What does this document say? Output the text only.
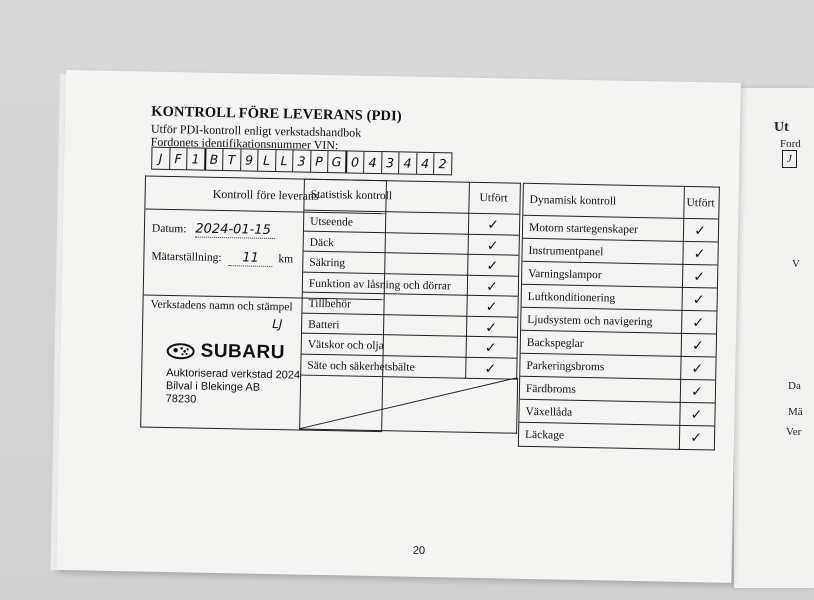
Ut
Ford
J
V
Da
Mä
Ver
KONTROLL FÖRE LEVERANS (PDI)
Utför PDI-kontroll enligt verkstadshandbok
Fordonets identifikationsnummer VIN:
J F 1 B T 9 L L 3 P G 0 4 3 4 4 2
Kontroll före leverans
Datum: 2024-01-15
Mätarställning: 11 km
Verkstadens namn och stämpel
LJ
SUBARU
Auktoriserad verkstad 2024
Bilval i Blekinge AB
78230
Statistisk kontroll
Utseende
Däck
Säkring
Funktion av låsning och dörrar
Tillbehör
Batteri
Vätskor och olja
Säte och säkerhetsbälte
Utfört
✓
✓
✓
✓
✓
✓
✓
✓
Dynamisk kontroll
Motorn startegenskaper
Instrumentpanel
Varningslampor
Luftkonditionering
Ljudsystem och navigering
Backspeglar
Parkeringsbroms
Färdbroms
Växellåda
Läckage
Utfört
✓
✓
✓
✓
✓
✓
✓
✓
✓
✓
20
